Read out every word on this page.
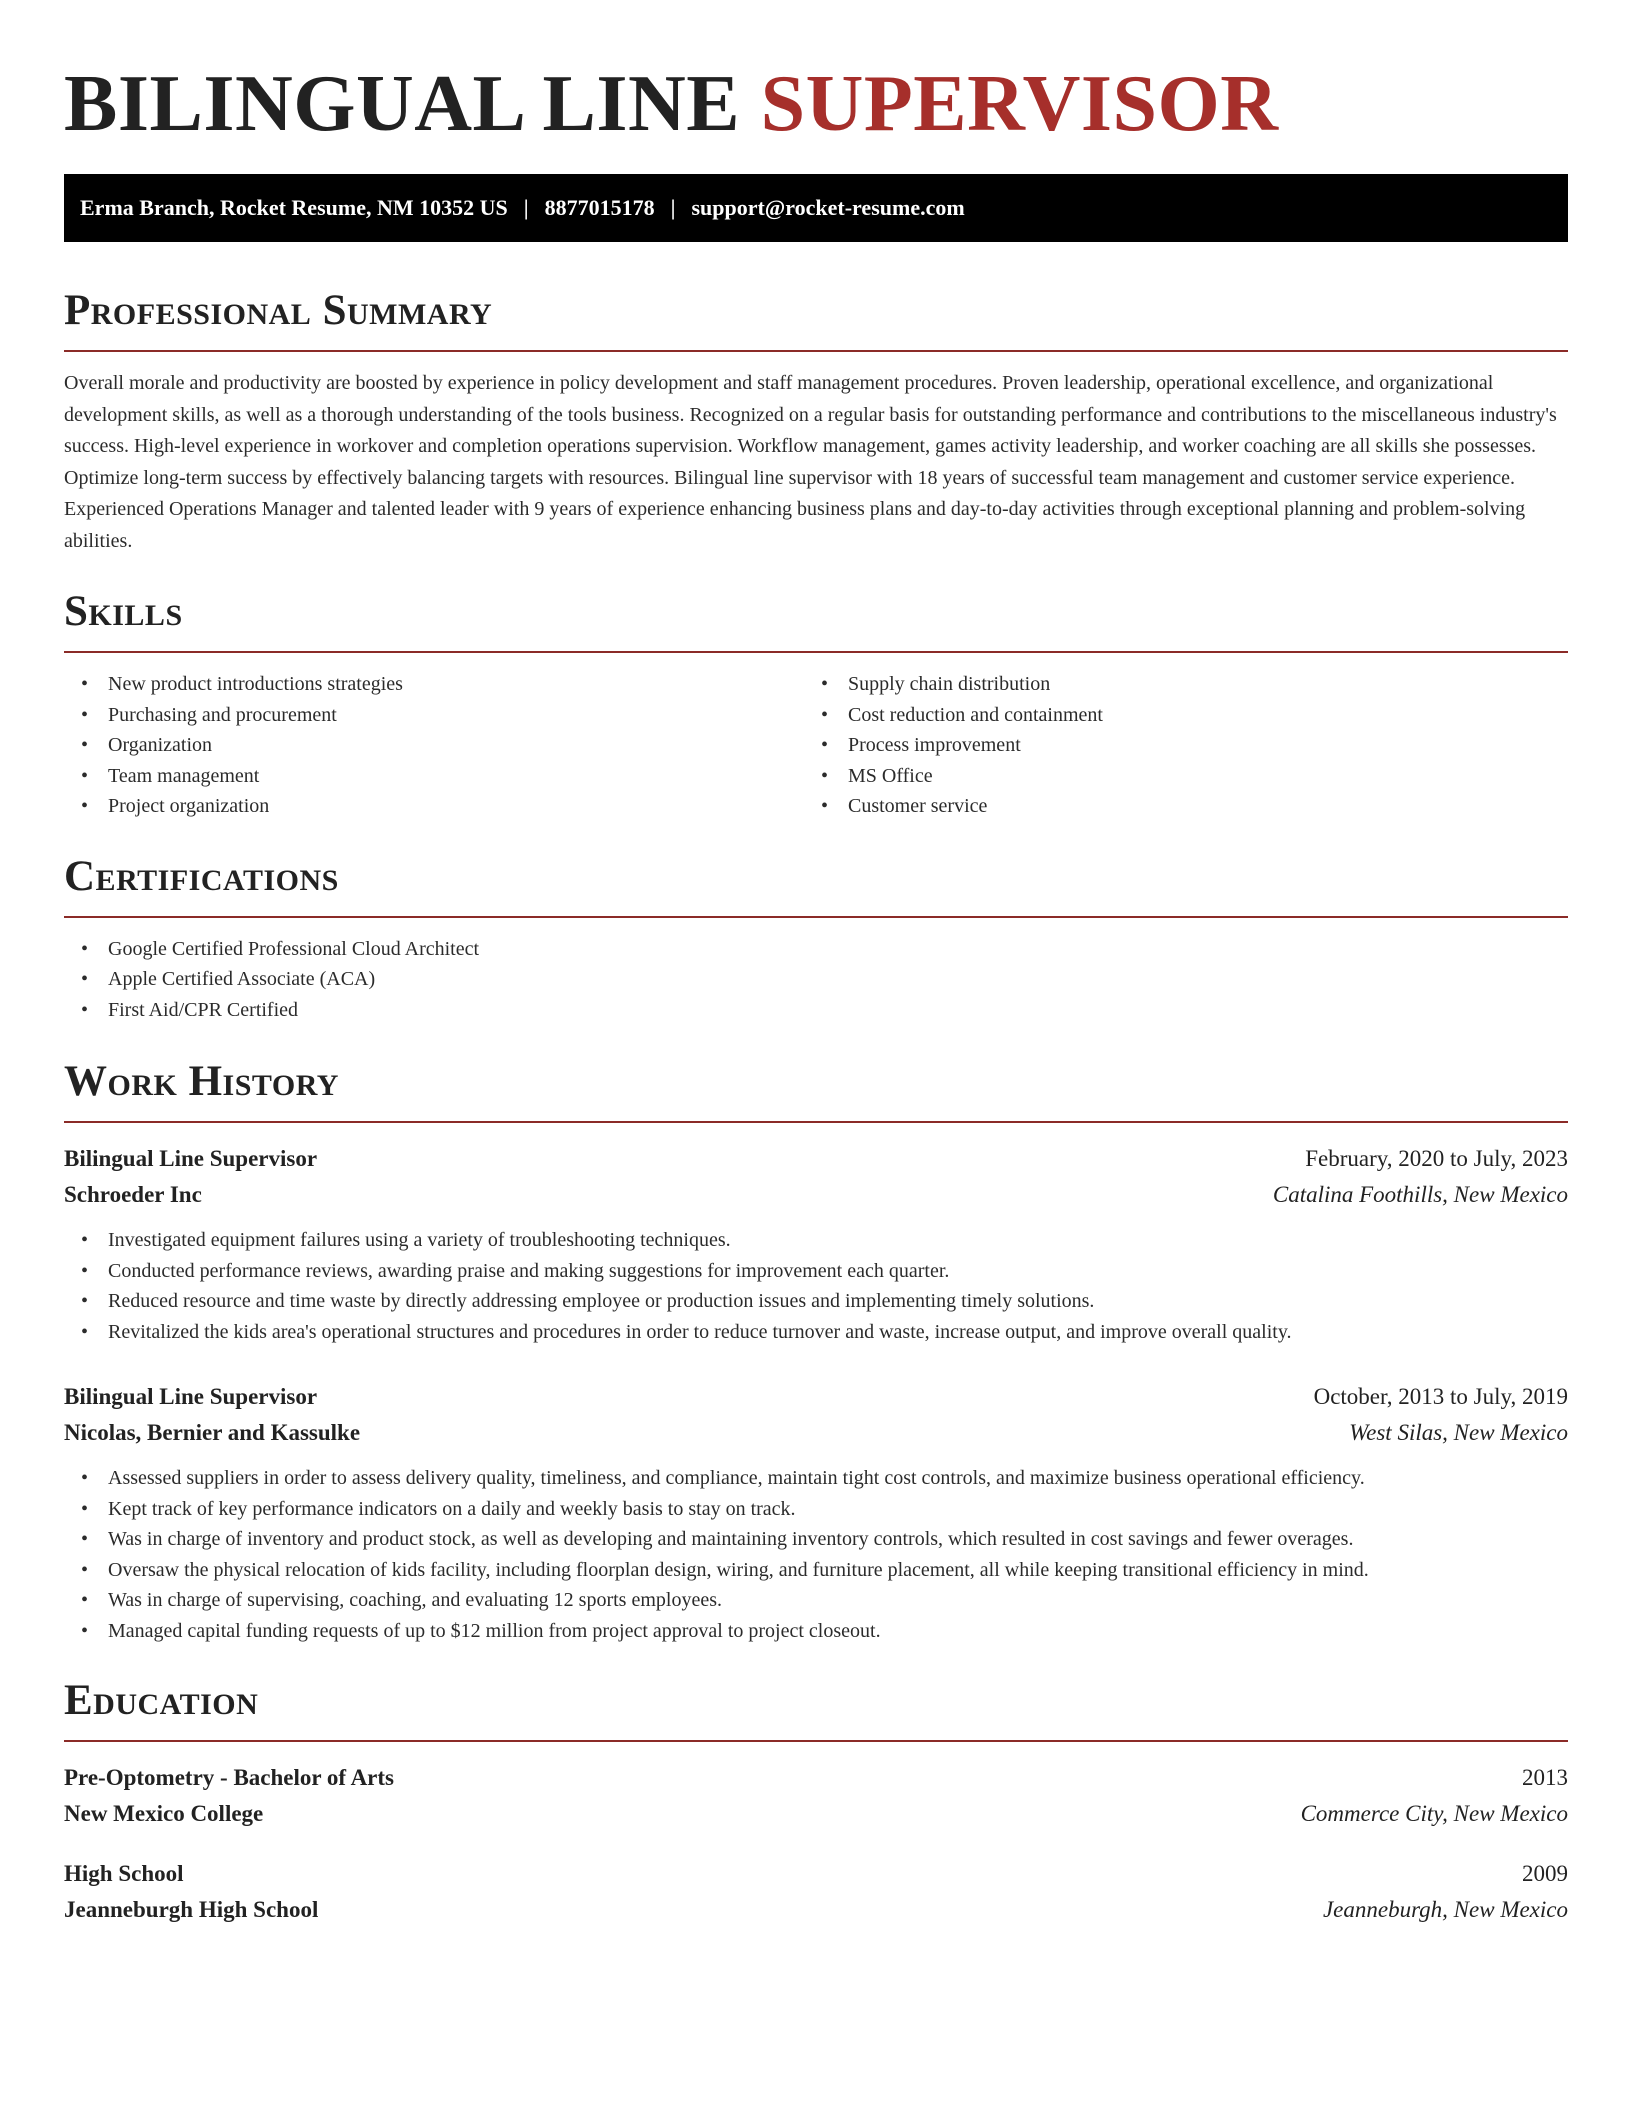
BILINGUAL LINE SUPERVISOR
Erma Branch, Rocket Resume, NM 10352 US | 8877015178 | support@rocket-resume.com
Professional Summary

Overall morale and productivity are boosted by experience in policy development and staff management procedures. Proven leadership, operational excellence, and organizational development skills, as well as a thorough understanding of the tools business. Recognized on a regular basis for outstanding performance and contributions to the miscellaneous industry's success. High-level experience in workover and completion operations supervision. Workflow management, games activity leadership, and worker coaching are all skills she possesses. Optimize long-term success by effectively balancing targets with resources. Bilingual line supervisor with 18 years of successful team management and customer service experience. Experienced Operations Manager and talented leader with 9 years of experience enhancing business plans and day-to-day activities through exceptional planning and problem-solving abilities.

Skills
• New product introductions strategies
• Purchasing and procurement
• Organization
• Team management
• Project organization
• Supply chain distribution
• Cost reduction and containment
• Process improvement
• MS Office
• Customer service
Certifications
• Google Certified Professional Cloud Architect
• Apple Certified Associate (ACA)
• First Aid/CPR Certified
Work History
Bilingual Line Supervisor	February, 2020 to July, 2023
Schroeder Inc	Catalina Foothills, New Mexico
• Investigated equipment failures using a variety of troubleshooting techniques.
• Conducted performance reviews, awarding praise and making suggestions for improvement each quarter.
• Reduced resource and time waste by directly addressing employee or production issues and implementing timely solutions.
• Revitalized the kids area's operational structures and procedures in order to reduce turnover and waste, increase output, and improve overall quality.
Bilingual Line Supervisor	October, 2013 to July, 2019
Nicolas, Bernier and Kassulke	West Silas, New Mexico
• Assessed suppliers in order to assess delivery quality, timeliness, and compliance, maintain tight cost controls, and maximize business operational efficiency.
• Kept track of key performance indicators on a daily and weekly basis to stay on track.
• Was in charge of inventory and product stock, as well as developing and maintaining inventory controls, which resulted in cost savings and fewer overages.
• Oversaw the physical relocation of kids facility, including floorplan design, wiring, and furniture placement, all while keeping transitional efficiency in mind.
• Was in charge of supervising, coaching, and evaluating 12 sports employees.
• Managed capital funding requests of up to $12 million from project approval to project closeout.
Education
Pre-Optometry - Bachelor of Arts	2013
New Mexico College	Commerce City, New Mexico
High School	2009
Jeanneburgh High School	Jeanneburgh, New Mexico
